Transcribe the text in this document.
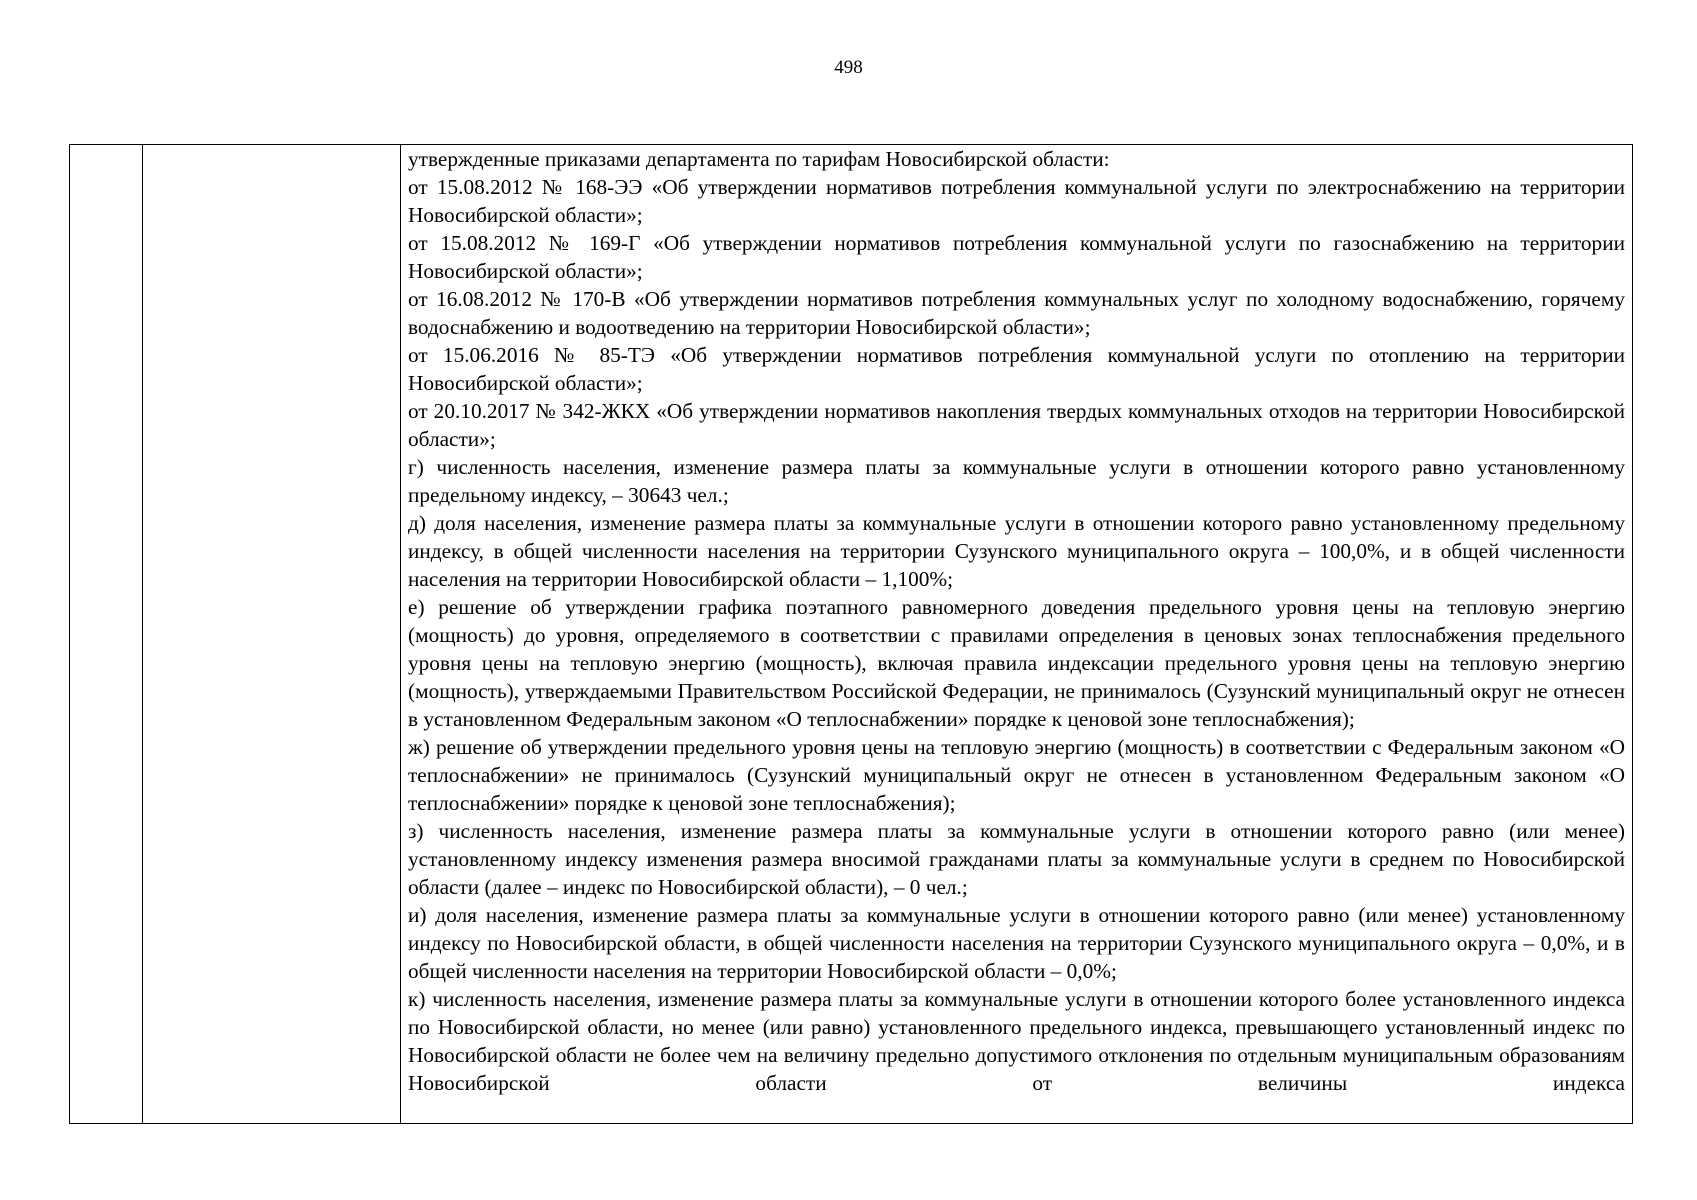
498

утвержденные приказами департамента по тарифам Новосибирской области:

от 15.08.2012 № 168-ЭЭ «Об утверждении нормативов потребления коммунальной услуги по электроснабжению на территории Новосибирской области»;

от 15.08.2012 № 169-Г «Об утверждении нормативов потребления коммунальной услуги по газоснабжению на территории Новосибирской области»;

от 16.08.2012 № 170-В «Об утверждении нормативов потребления коммунальных услуг по холодному водоснабжению, горячему водоснабжению и водоотведению на территории Новосибирской области»;

от 15.06.2016 № 85-ТЭ «Об утверждении нормативов потребления коммунальной услуги по отоплению на территории Новосибирской области»;

от 20.10.2017 № 342-ЖКХ «Об утверждении нормативов накопления твердых коммунальных отходов на территории Новосибирской области»;

г) численность населения, изменение размера платы за коммунальные услуги в отношении которого равно установленному предельному индексу, – 30643 чел.;

д) доля населения, изменение размера платы за коммунальные услуги в отношении которого равно установленному предельному индексу, в общей численности населения на территории Сузунского муниципального округа – 100,0%, и в общей численности населения на территории Новосибирской области – 1,100%;

е) решение об утверждении графика поэтапного равномерного доведения предельного уровня цены на тепловую энергию (мощность) до уровня, определяемого в соответствии с правилами определения в ценовых зонах теплоснабжения предельного уровня цены на тепловую энергию (мощность), включая правила индексации предельного уровня цены на тепловую энергию (мощность), утверждаемыми Правительством Российской Федерации, не принималось (Сузунский муниципальный округ не отнесен в установленном Федеральным законом «О теплоснабжении» порядке к ценовой зоне теплоснабжения);

ж) решение об утверждении предельного уровня цены на тепловую энергию (мощность) в соответствии с Федеральным законом «О теплоснабжении» не принималось (Сузунский муниципальный округ не отнесен в установленном Федеральным законом «О теплоснабжении» порядке к ценовой зоне теплоснабжения);

з) численность населения, изменение размера платы за коммунальные услуги в отношении которого равно (или менее) установленному индексу изменения размера вносимой гражданами платы за коммунальные услуги в среднем по Новосибирской области (далее – индекс по Новосибирской области), – 0 чел.;

и) доля населения, изменение размера платы за коммунальные услуги в отношении которого равно (или менее) установленному индексу по Новосибирской области, в общей численности населения на территории Сузунского муниципального округа – 0,0%, и в общей численности населения на территории Новосибирской области – 0,0%;

к) численность населения, изменение размера платы за коммунальные услуги в отношении которого более установленного индекса по Новосибирской области, но менее (или равно) установленного предельного индекса, превышающего установленный индекс по Новосибирской области не более чем на величину предельно допустимого отклонения по отдельным муниципальным образованиям Новосибирской области от величины индекса
